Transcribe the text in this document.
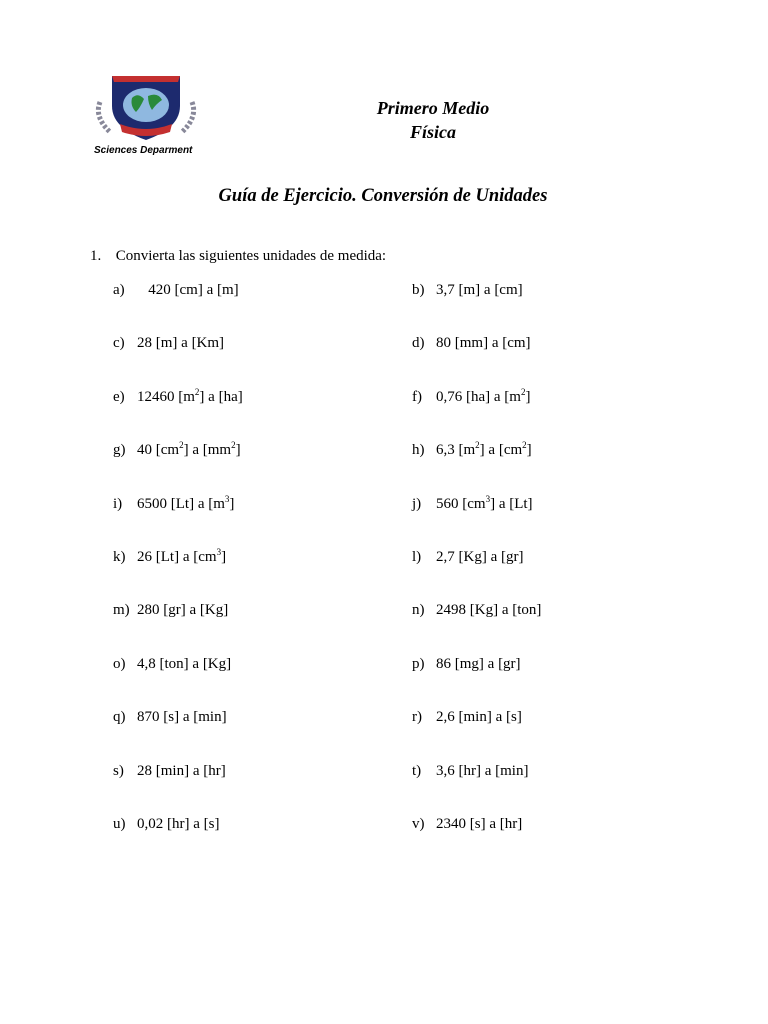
Sciences Deparment
Primero Medio
Física
Guía de Ejercicio. Conversión de Unidades
1. Convierta las siguientes unidades de medida:
a) 420 [cm] a [m]	b) 3,7 [m] a [cm]
c) 28 [m] a [Km]	d) 80 [mm] a [cm]
e) 12460 $[m^2]$ a [ha]	f) 0,76 [ha] a $[m^2]$
g) 40 $[cm^2]$ a $[mm^2]$	h) 6,3 $[m^2]$ a $[cm^2]$
i) 6500 [Lt] a $[m^3]$	j) 560 $[cm^3]$ a [Lt]
k) 26 [Lt] a $[cm^3]$	l) 2,7 [Kg] a [gr]
m) 280 [gr] a [Kg]	n) 2498 [Kg] a [ton]
o) 4,8 [ton] a [Kg]	p) 86 [mg] a [gr]
q) 870 [s] a [min]	r) 2,6 [min] a [s]
s) 28 [min] a [hr]	t) 3,6 [hr] a [min]
u) 0,02 [hr] a [s]	v) 2340 [s] a [hr]
